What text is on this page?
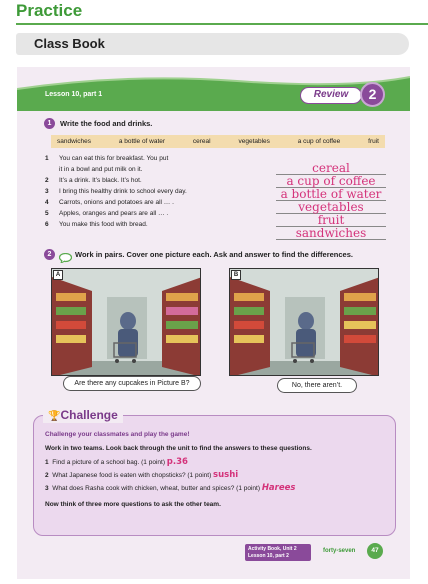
Practice
Class Book
Lesson 10, part 1	Review	2
1	Write the food and drinks.
sandwiches	a bottle of water	cereal	vegetables	a cup of coffee	fruit
1	You can eat this for breakfast. You put
it in a bowl and put milk on it.
2	It’s a drink. It’s black. It’s hot.
3	I bring this healthy drink to school every day.
4	Carrots, onions and potatoes are all … .
5	Apples, oranges and pears are all … .
6	You make this food with bread.
cereal
a cup of coffee
a bottle of water
vegetables
fruit
sandwiches
2	Work in pairs. Cover one picture each. Ask and answer to find the differences.
A	B
Are there any cupcakes in Picture B?	No, there aren’t.
🏆Challenge
Challenge your classmates and play the game!
Work in two teams. Look back through the unit to find the answers to these questions.
1 Find a picture of a school bag. (1 point) p.36
2 What Japanese food is eaten with chopsticks? (1 point) sushi
3 What does Rasha cook with chicken, wheat, butter and spices? (1 point) Harees
Now think of three more questions to ask the other team.
Activity Book, Unit 2
Lesson 10, part 2
forty-seven	47
